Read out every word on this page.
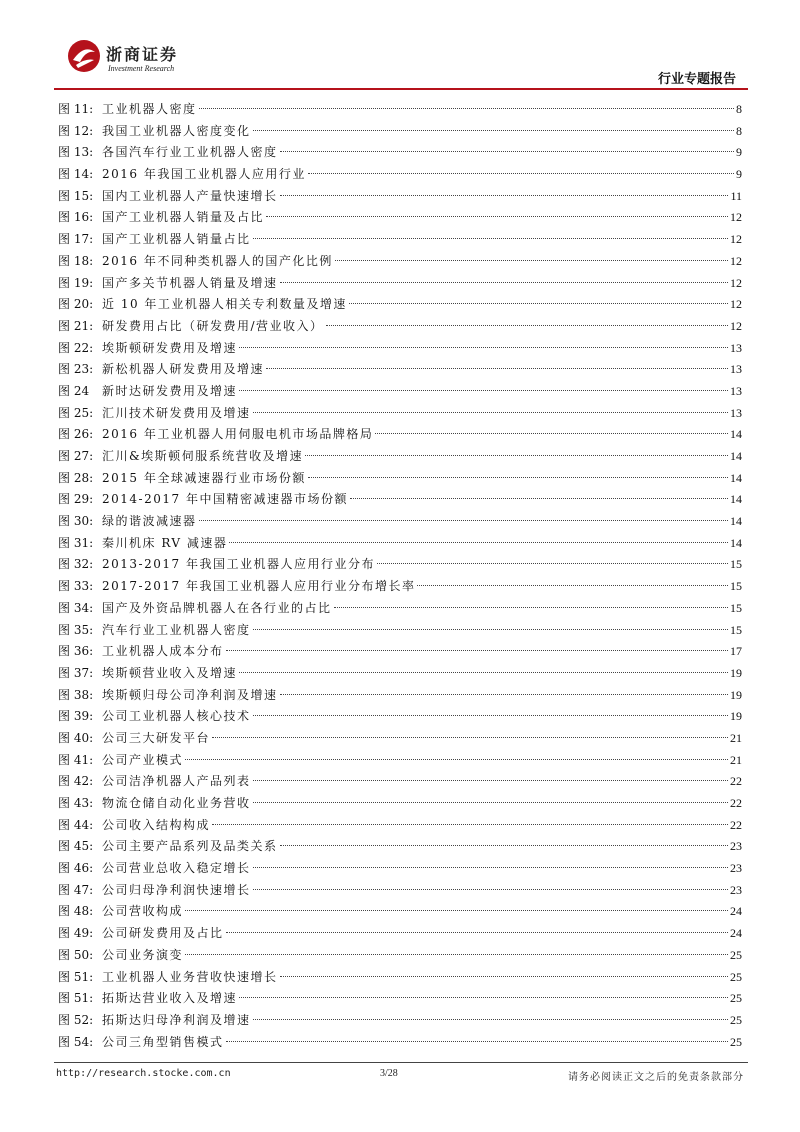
浙商证券
Investment Research
行业专题报告
图 11: 工业机器人密度	8
图 12: 我国工业机器人密度变化	8
图 13: 各国汽车行业工业机器人密度	9
图 14: 2016 年我国工业机器人应用行业	9
图 15: 国内工业机器人产量快速增长	11
图 16: 国产工业机器人销量及占比	12
图 17: 国产工业机器人销量占比	12
图 18: 2016 年不同种类机器人的国产化比例	12
图 19: 国产多关节机器人销量及增速	12
图 20: 近 10 年工业机器人相关专利数量及增速	12
图 21: 研发费用占比（研发费用/营业收入）	12
图 22: 埃斯顿研发费用及增速	13
图 23: 新松机器人研发费用及增速	13
图 24	新时达研发费用及增速	13
图 25: 汇川技术研发费用及增速	13
图 26: 2016 年工业机器人用伺服电机市场品牌格局	14
图 27: 汇川&埃斯顿伺服系统营收及增速	14
图 28: 2015 年全球减速器行业市场份额	14
图 29: 2014-2017 年中国精密减速器市场份额	14
图 30: 绿的谐波减速器	14
图 31: 秦川机床 RV 减速器	14
图 32: 2013-2017 年我国工业机器人应用行业分布	15
图 33: 2017-2017 年我国工业机器人应用行业分布增长率	15
图 34: 国产及外资品牌机器人在各行业的占比	15
图 35: 汽车行业工业机器人密度	15
图 36: 工业机器人成本分布	17
图 37: 埃斯顿营业收入及增速	19
图 38: 埃斯顿归母公司净利润及增速	19
图 39: 公司工业机器人核心技术	19
图 40: 公司三大研发平台	21
图 41: 公司产业模式	21
图 42: 公司洁净机器人产品列表	22
图 43: 物流仓储自动化业务营收	22
图 44: 公司收入结构构成	22
图 45: 公司主要产品系列及品类关系	23
图 46: 公司营业总收入稳定增长	23
图 47: 公司归母净利润快速增长	23
图 48: 公司营收构成	24
图 49: 公司研发费用及占比	24
图 50: 公司业务演变	25
图 51: 工业机器人业务营收快速增长	25
图 51: 拓斯达营业收入及增速	25
图 52: 拓斯达归母净利润及增速	25
图 54: 公司三角型销售模式	25
http://research.stocke.com.cn	3/28	请务必阅读正文之后的免责条款部分
